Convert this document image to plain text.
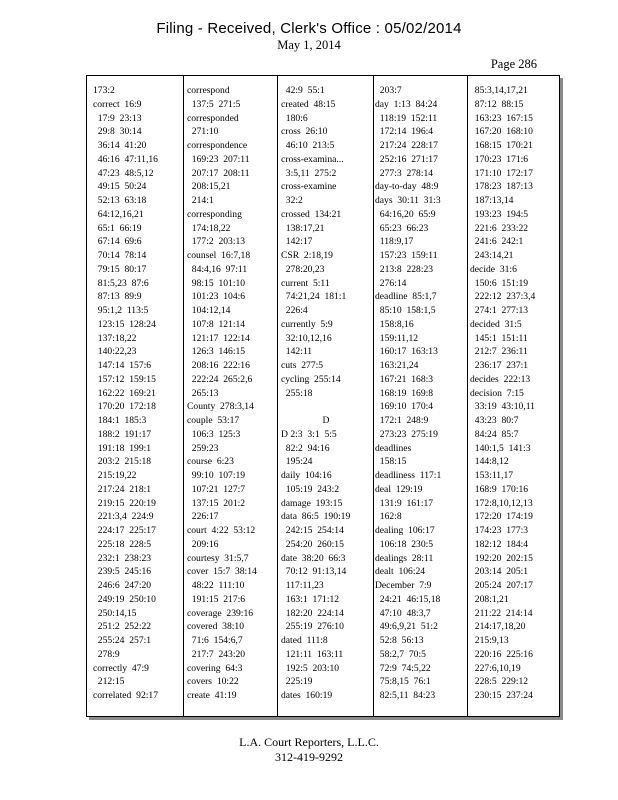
Filing - Received, Clerk's Office : 05/02/2014
May 1, 2014
Page 286
173:2
correct  16:9
17:9  23:13
29:8  30:14
36:14  41:20
46:16  47:11,16
47:23  48:5,12
49:15  50:24
52:13  63:18
64:12,16,21
65:1  66:19
67:14  69:6
70:14  78:14
79:15  80:17
81:5,23  87:6
87:13  89:9
95:1,2  113:5
123:15  128:24
137:18,22
140:22,23
147:14  157:6
157:12  159:15
162:22  169:21
170:20  172:18
184:1  185:3
188:2  191:17
191:18  199:1
203:2  215:18
215:19,22
217:24  218:1
219:15  220:19
221:3,4  224:9
224:17  225:17
225:18  228:5
232:1  238:23
239:5  245:16
246:6  247:20
249:19  250:10
250:14,15
251:2  252:22
255:24  257:1
278:9
correctly  47:9
212:15
correlated  92:17
correspond
137:5  271:5
corresponded
271:10
correspondence
169:23  207:11
207:17  208:11
208:15,21
214:1
corresponding
174:18,22
177:2  203:13
counsel  16:7,18
84:4,16  97:11
98:15  101:10
101:23  104:6
104:12,14
107:8  121:14
121:17  122:14
126:3  146:15
208:16  222:16
222:24  265:2,6
265:13
County  278:3,14
couple  53:17
106:3  125:3
259:23
course  6:23
99:10  107:19
107:21  127:7
137:15  201:2
226:17
court  4:22  53:12
209:16
courtesy  31:5,7
cover  15:7  38:14
48:22  111:10
191:15  217:6
coverage  239:16
covered  38:10
71:6  154:6,7
217:7  243:20
covering  64:3
covers  10:22
create  41:19
42:9  55:1
created  48:15
180:6
cross  26:10
46:10  213:5
cross-examina...
3:5,11  275:2
cross-examine
32:2
crossed  134:21
138:17,21
142:17
CSR  2:18,19
278:20,23
current  5:11
74:21,24  181:1
226:4
currently  5:9
32:10,12,16
142:11
cuts  277:5
cycling  255:14
255:18
D
D 2:3  3:1  5:5
82:2  94:16
195:24
daily  104:16
105:19  243:2
damage  193:15
data  86:5  190:19
242:15  254:14
254:20  260:15
date  38:20  66:3
70:12  91:13,14
117:11,23
163:1  171:12
182:20  224:14
255:19  276:10
dated  111:8
121:11  163:11
192:5  203:10
225:19
dates  160:19
203:7
day  1:13  84:24
118:19  152:11
172:14  196:4
217:24  228:17
252:16  271:17
277:3  278:14
day-to-day  48:9
days  30:11  31:3
64:16,20  65:9
65:23  66:23
118:9,17
157:23  159:11
213:8  228:23
276:14
deadline  85:1,7
85:10  158:1,5
158:8,16
159:11,12
160:17  163:13
163:21,24
167:21  168:3
168:19  169:8
169:10  170:4
172:1  248:9
273:23  275:19
deadlines
158:15
deadliness  117:1
deal  129:19
131:9  161:17
162:8
dealing  106:17
106:18  230:5
dealings  28:11
dealt  106:24
December  7:9
24:21  46:15,18
47:10  48:3,7
49:6,9,21  51:2
52:8  56:13
58:2,7  70:5
72:9  74:5,22
75:8,15  76:1
82:5,11  84:23
85:3,14,17,21
87:12  88:15
163:23  167:15
167:20  168:10
168:15  170:21
170:23  171:6
171:10  172:17
178:23  187:13
187:13,14
193:23  194:5
221:6  233:22
241:6  242:1
243:14,21
decide  31:6
150:6  151:19
222:12  237:3,4
274:1  277:13
decided  31:5
145:1  151:11
212:7  236:11
236:17  237:1
decides  222:13
decision  7:15
33:19  43:10,11
43:23  80:7
84:24  85:7
140:1,5  141:3
144:8,12
153:11,17
168:9  170:16
172:8,10,12,13
172:20  174:19
174:23  177:3
182:12  184:4
192:20  202:15
203:14  205:1
205:24  207:17
208:1,21
211:22  214:14
214:17,18,20
215:9,13
220:16  225:16
227:6,10,19
228:5  229:12
230:15  237:24
L.A. Court Reporters, L.L.C.
312-419-9292
